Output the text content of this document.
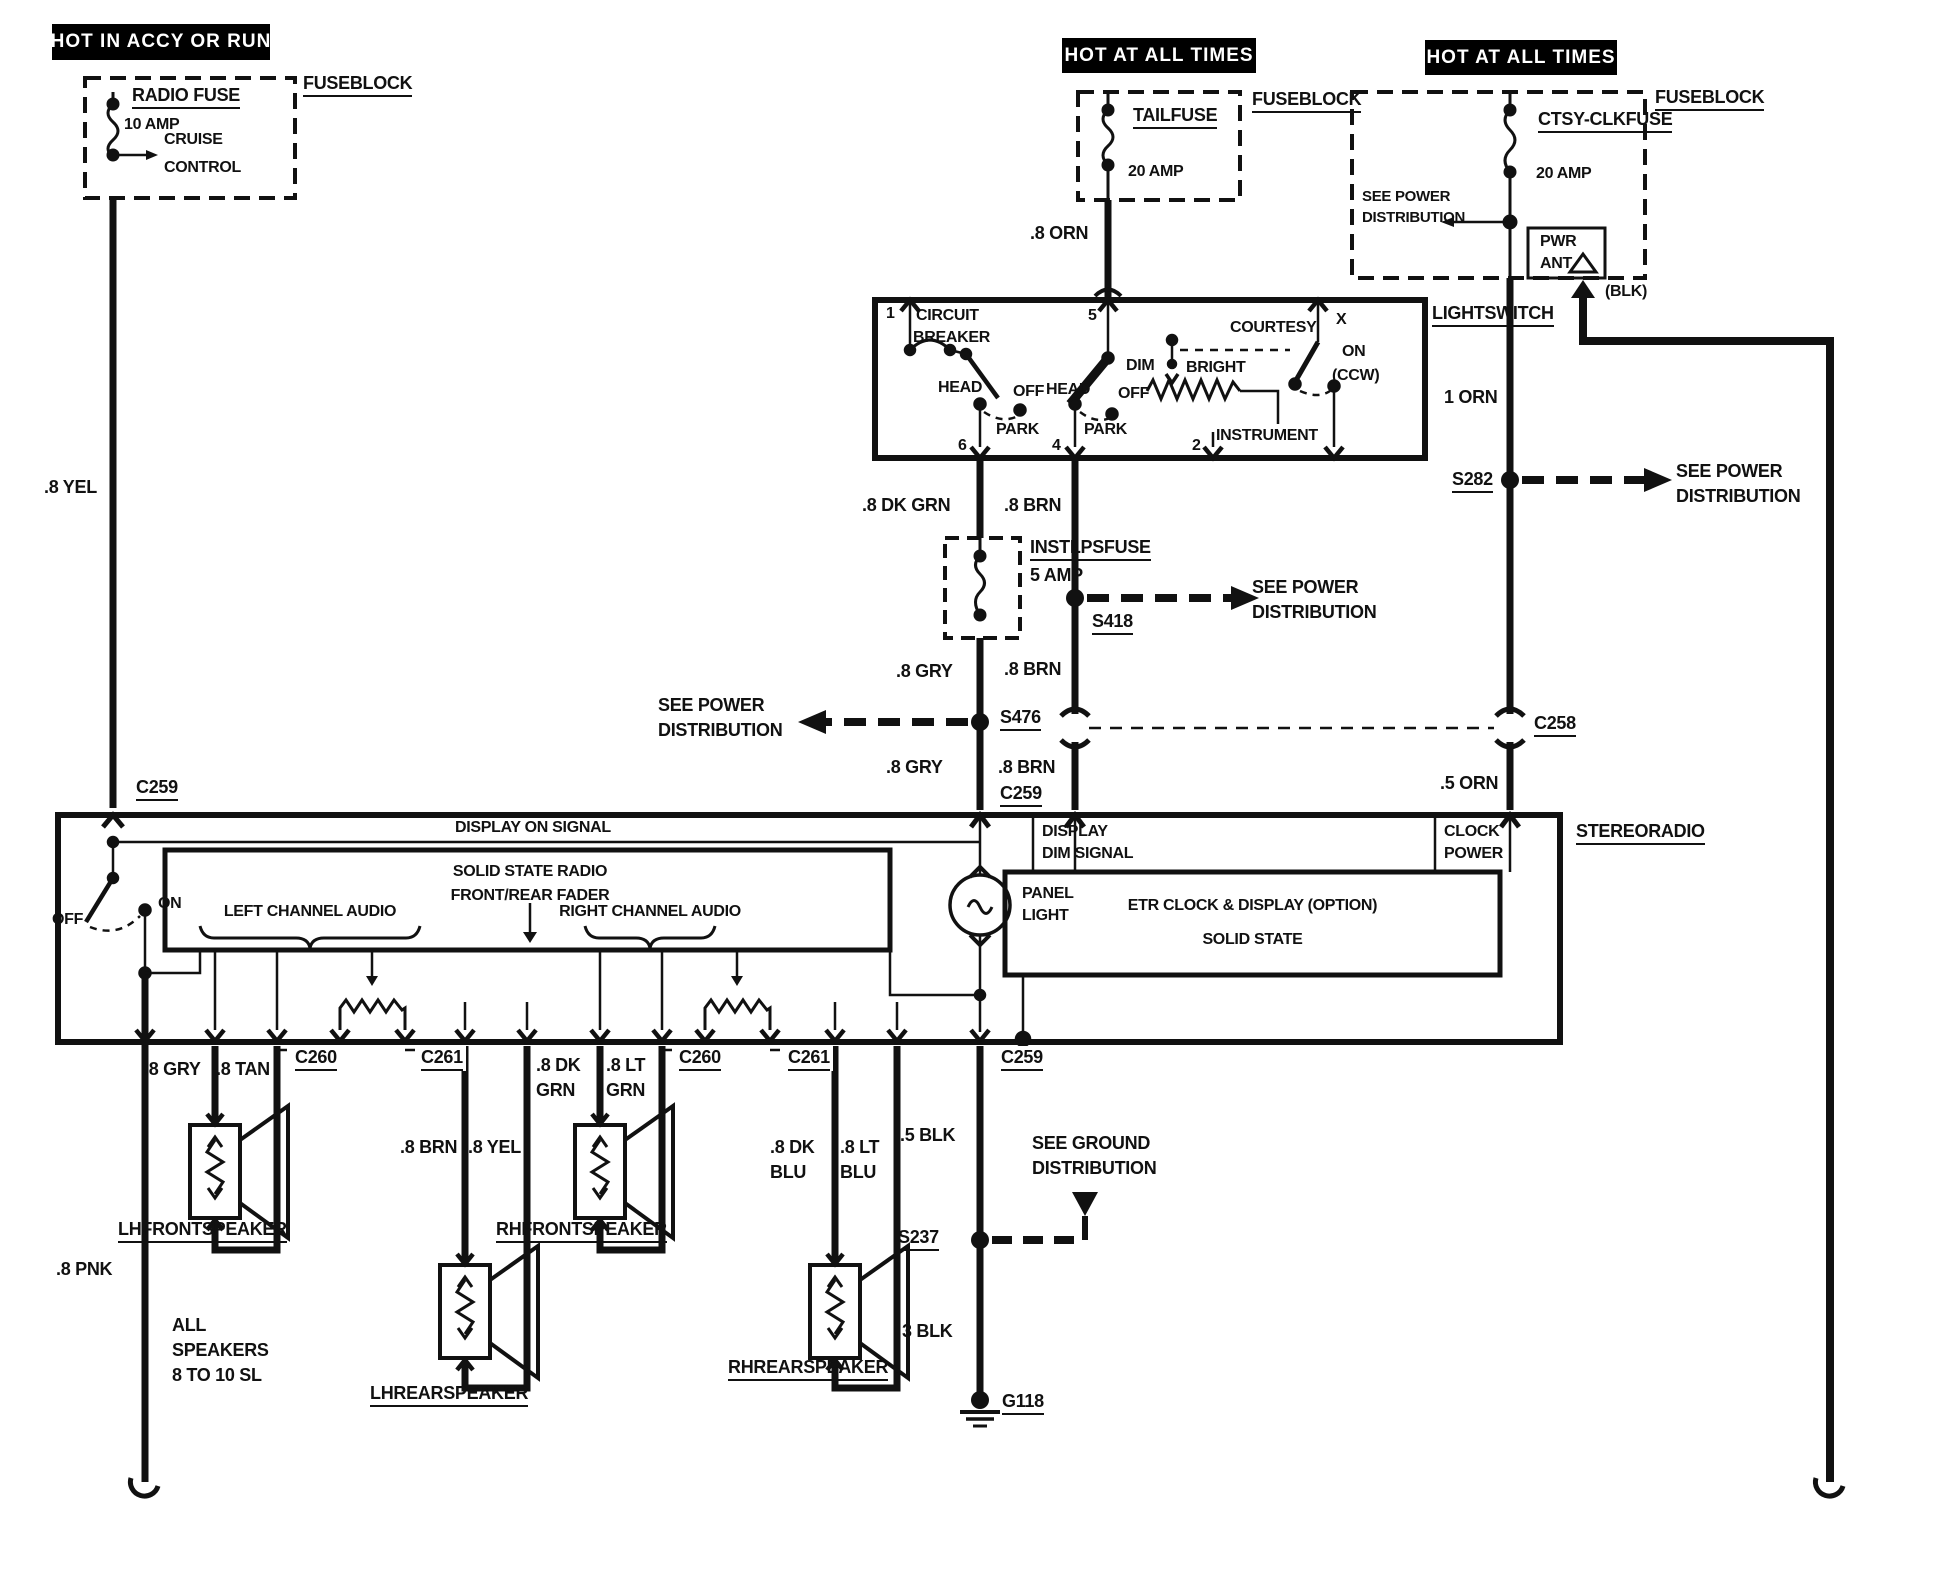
HOT IN ACCY OR RUN
HOT AT ALL TIMES	HOT AT ALL TIMES
RADIO FUSE
10 AMP
CRUISE
CONTROL
FUSEBLOCK
TAILFUSE
20 AMP
FUSEBLOCK
.8 ORN
CTSY-CLKFUSE
20 AMP
SEE POWER
DISTRIBUTION
PWR
ANT
(BLK)
FUSEBLOCK
LIGHTSWITCH
1	5	X
6	4	2
CIRCUIT
BREAKER
HEAD OFF
PARK
HEAD OFF
PARK
DIM BRIGHT
INSTRUMENT
COURTESY
ON
(CCW)
.8 YEL
C259
.8 DK GRN
INSTLPSFUSE
5 AMP
.8 GRY
S476
.8 GRY
C259
SEE POWER
DISTRIBUTION
.8 BRN
S418
SEE POWER
DISTRIBUTION
.8 BRN
.8 BRN
1 ORN
S282	SEE POWER
DISTRIBUTION
C258
.5 ORN
DISPLAY ON SIGNAL
SOLID STATE RADIO
FRONT/REAR FADER
LEFT CHANNEL AUDIO	RIGHT CHANNEL AUDIO
OFF
ON
DISPLAY
DIM SIGNAL
CLOCK
POWER
ETR CLOCK & DISPLAY (OPTION)
SOLID STATE
PANEL
LIGHT
STEREORADIO
C260	C261	C260	C261	C259
.8 GRY .8 TAN
.8 BRN .8 YEL
.8 DK
GRN
.8 LT
GRN
.8 DK
BLU
.8 LT
BLU
.8 PNK
LHFRONTSPEAKER
LHREARSPEAKER
RHFRONTSPEAKER
RHREARSPEAKER
ALL
SPEAKERS
8 TO 10 SL
.5 BLK
S237
3 BLK
G118
SEE GROUND
DISTRIBUTION
